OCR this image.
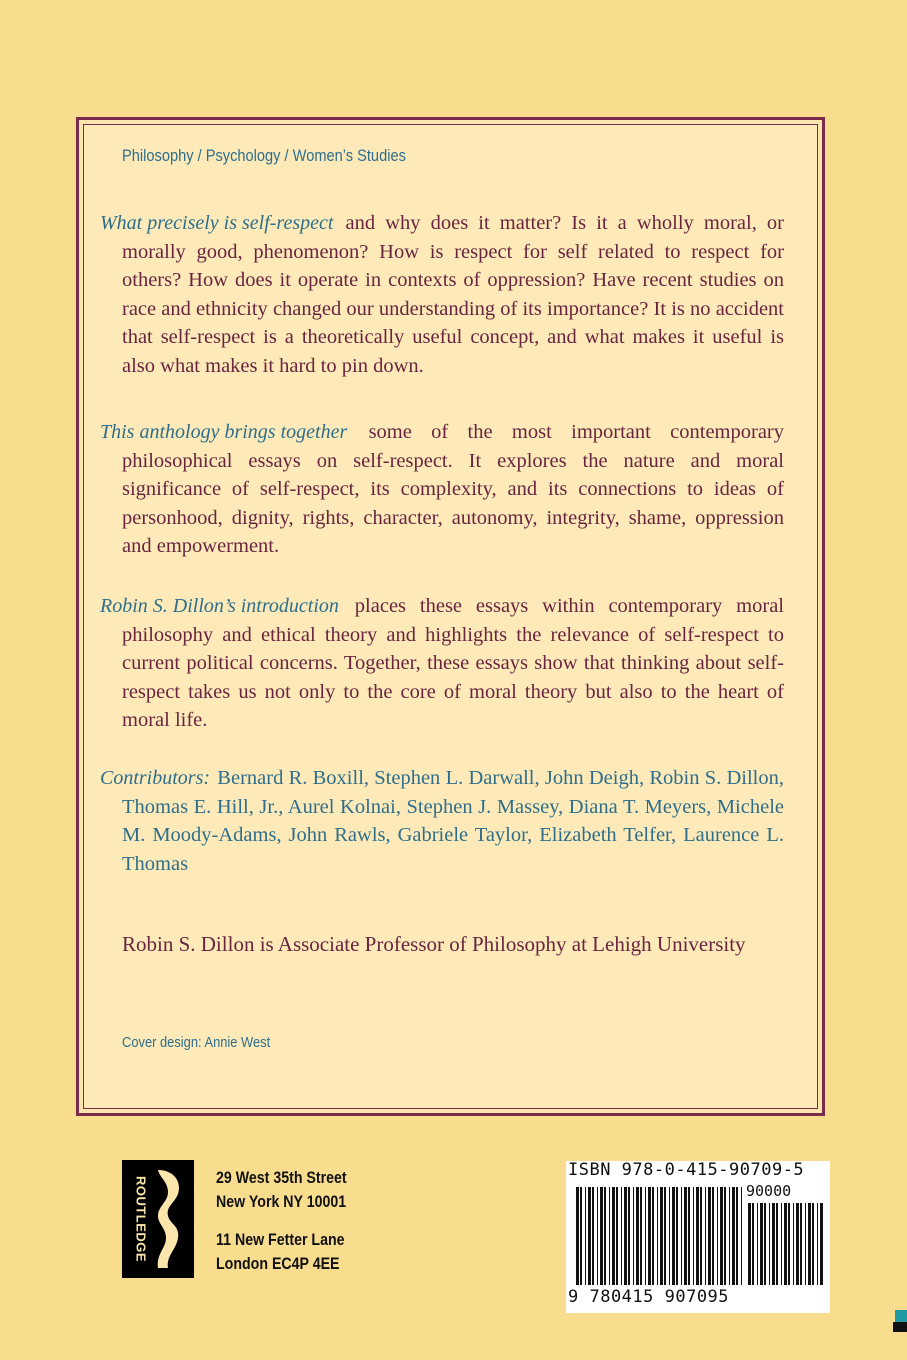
Philosophy / Psychology / Women’s Studies

What precisely is self-respect and why does it matter? Is it a wholly moral, or morally good, phenomenon? How is respect for self related to respect for others? How does it operate in contexts of oppression? Have recent studies on race and ethnicity changed our understanding of its importance? It is no accident that self-respect is a theoretically useful concept, and what makes it useful is also what makes it hard to pin down.

This anthology brings together some of the most important contemporary philosophical essays on self-respect. It explores the nature and moral significance of self-respect, its complexity, and its connections to ideas of personhood, dignity, rights, character, autonomy, integrity, shame, oppression and empowerment.

Robin S. Dillon’s introduction places these essays within contemporary moral philosophy and ethical theory and highlights the relevance of self-respect to current political concerns. Together, these essays show that thinking about self-respect takes us not only to the core of moral theory but also to the heart of moral life.

Contributors: Bernard R. Boxill, Stephen L. Darwall, John Deigh, Robin S. Dillon, Thomas E. Hill, Jr., Aurel Kolnai, Stephen J. Massey, Diana T. Meyers, Michele M. Moody-Adams, John Rawls, Gabriele Taylor, Elizabeth Telfer, Laurence L. Thomas

Robin S. Dillon is Associate Professor of Philosophy at Lehigh University

Cover design: Annie West
ROUTLEDGE	29 West 35th Street
New York NY 10001
11 New Fetter Lane
London EC4P 4EE
ISBN 978-0-415-90709-5
90000
9 780415 907095
